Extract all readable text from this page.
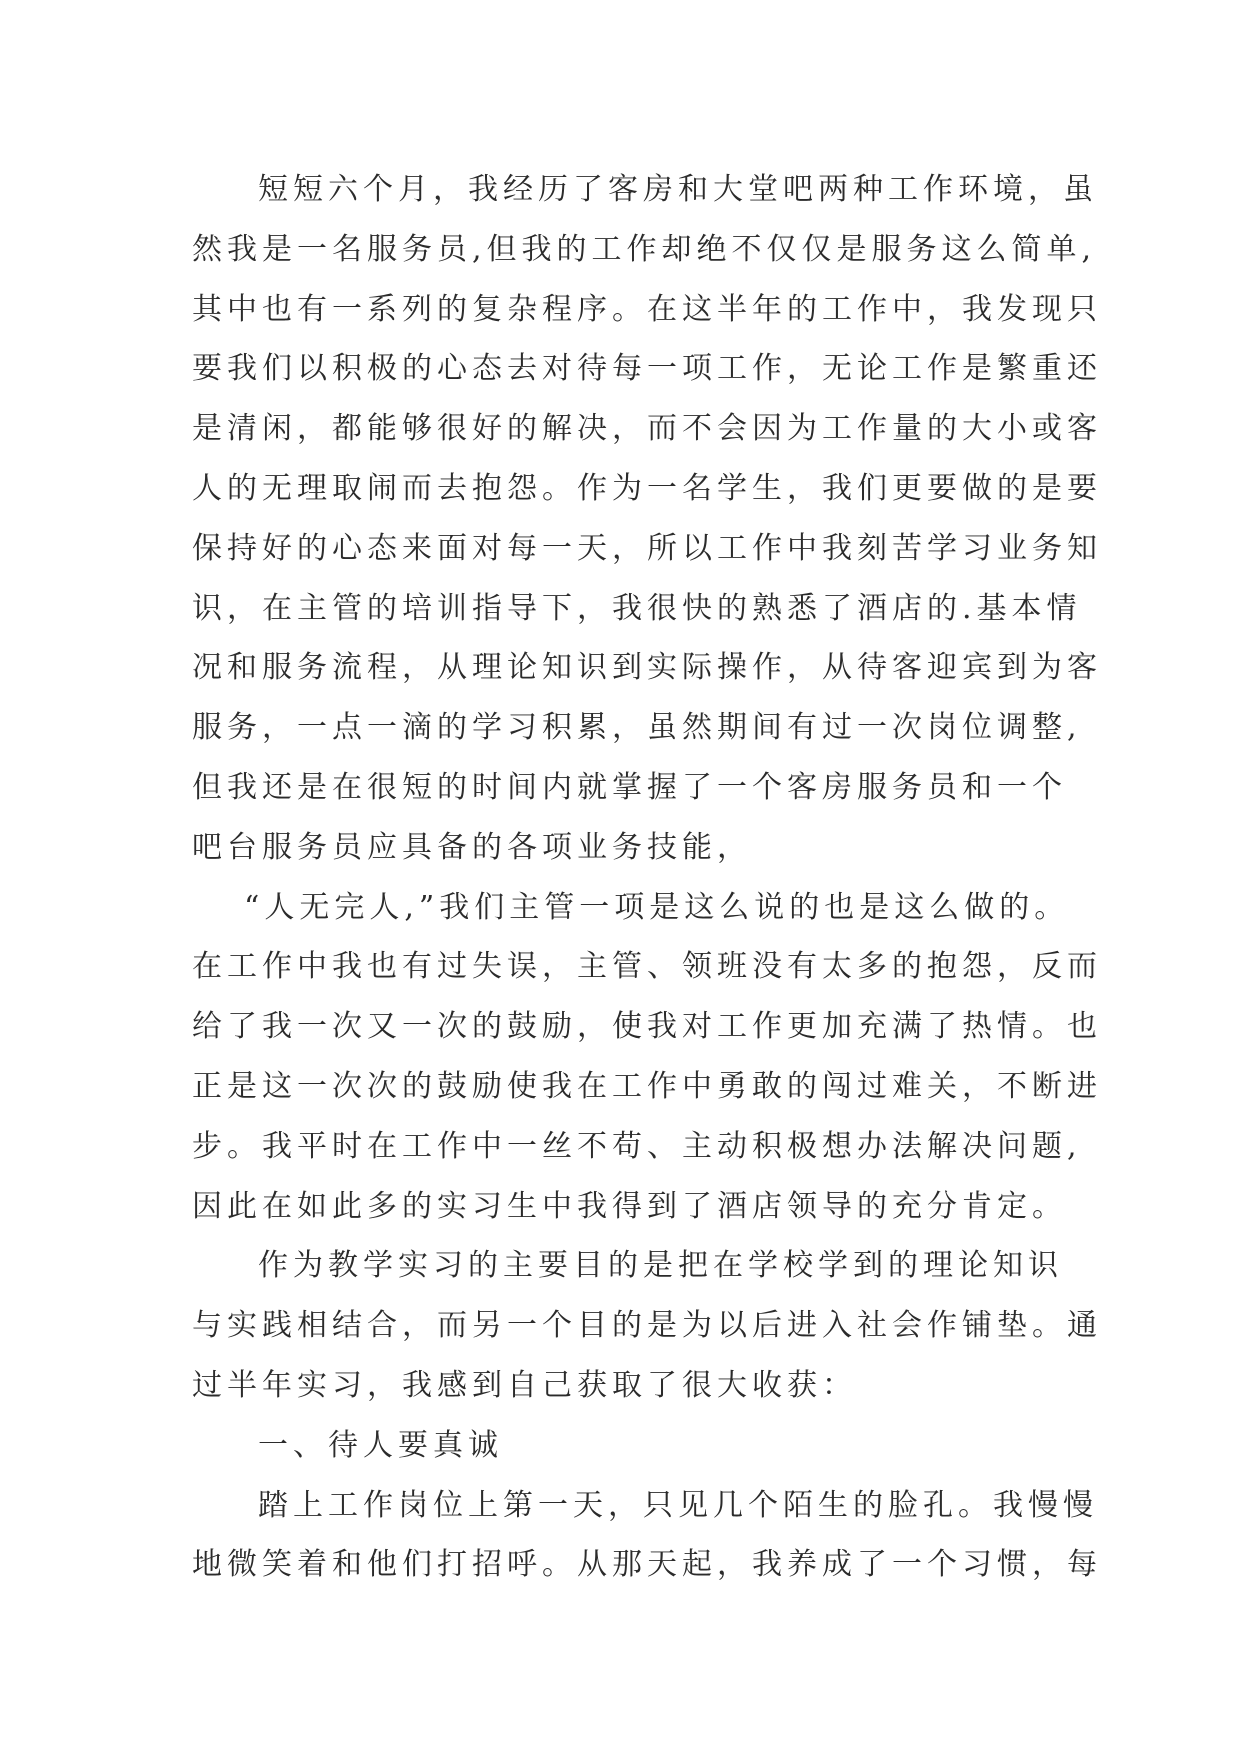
短短六个月，我经历了客房和大堂吧两种工作环境，虽
然我是一名服务员,但我的工作却绝不仅仅是服务这么简单,
其中也有一系列的复杂程序。在这半年的工作中，我发现只
要我们以积极的心态去对待每一项工作，无论工作是繁重还
是清闲，都能够很好的解决，而不会因为工作量的大小或客
人的无理取闹而去抱怨。作为一名学生，我们更要做的是要
保持好的心态来面对每一天，所以工作中我刻苦学习业务知
识，在主管的培训指导下，我很快的熟悉了酒店的.基本情
况和服务流程，从理论知识到实际操作，从待客迎宾到为客
服务，一点一滴的学习积累，虽然期间有过一次岗位调整,
但我还是在很短的时间内就掌握了一个客房服务员和一个
吧台服务员应具备的各项业务技能，
“人无完人,”我们主管一项是这么说的也是这么做的。
在工作中我也有过失误，主管、领班没有太多的抱怨，反而
给了我一次又一次的鼓励，使我对工作更加充满了热情。也
正是这一次次的鼓励使我在工作中勇敢的闯过难关，不断进
步。我平时在工作中一丝不苟、主动积极想办法解决问题,
因此在如此多的实习生中我得到了酒店领导的充分肯定。
作为教学实习的主要目的是把在学校学到的理论知识
与实践相结合，而另一个目的是为以后进入社会作铺垫。通
过半年实习，我感到自己获取了很大收获：
一、待人要真诚
踏上工作岗位上第一天，只见几个陌生的脸孔。我慢慢
地微笑着和他们打招呼。从那天起，我养成了一个习惯，每
